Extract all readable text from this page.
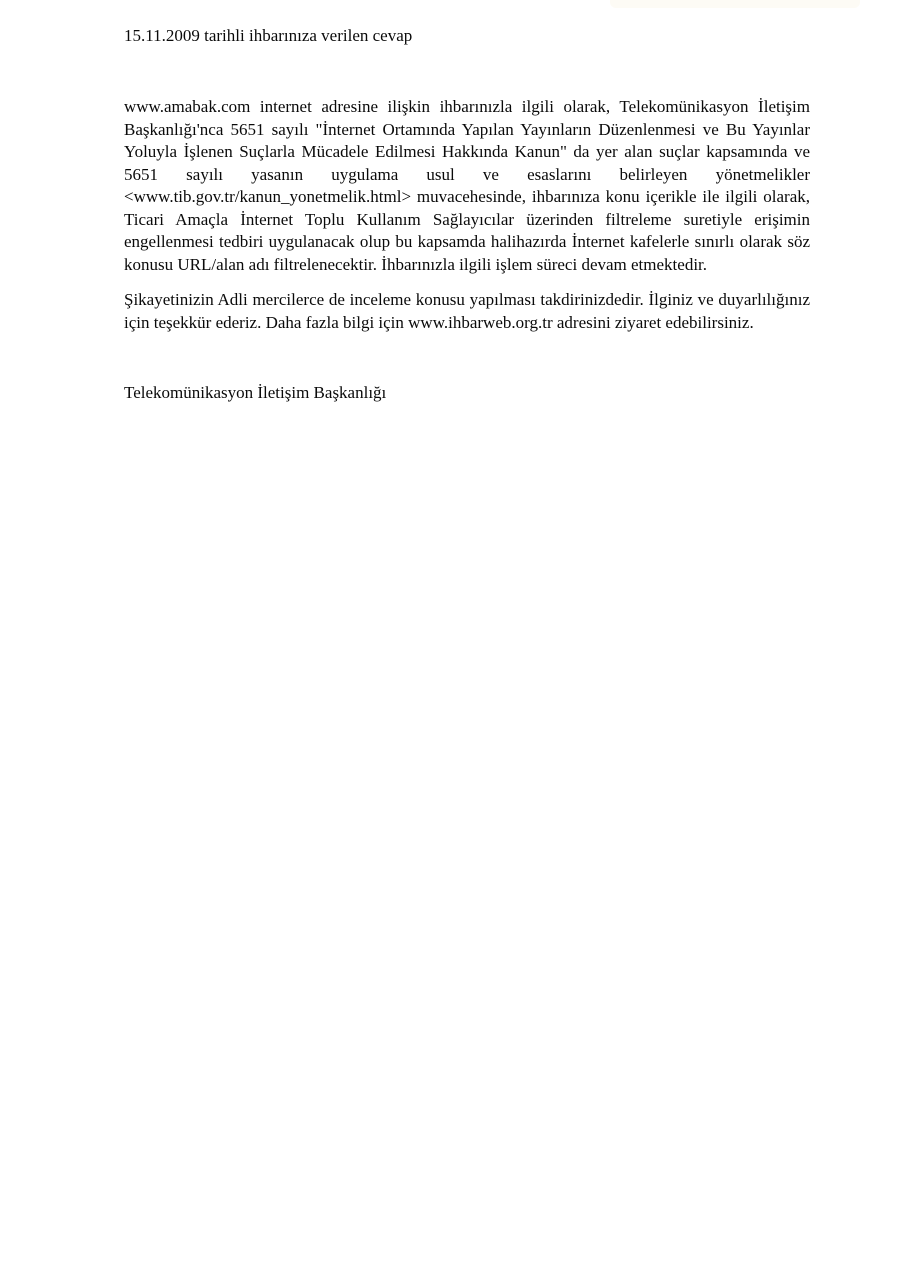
15.11.2009 tarihli ihbarınıza verilen cevap

www.amabak.com internet adresine ilişkin ihbarınızla ilgili olarak, Telekomünikasyon İletişim Başkanlığı'nca 5651 sayılı "İnternet Ortamında Yapılan Yayınların Düzenlenmesi ve Bu Yayınlar Yoluyla İşlenen Suçlarla Mücadele Edilmesi Hakkında Kanun" da yer alan suçlar kapsamında ve 5651 sayılı yasanın uygulama usul ve esaslarını belirleyen yönetmelikler <www.tib.gov.tr/kanun_yonetmelik.html> muvacehesinde, ihbarınıza konu içerikle ile ilgili olarak, Ticari Amaçla İnternet Toplu Kullanım Sağlayıcılar üzerinden filtreleme suretiyle erişimin engellenmesi tedbiri uygulanacak olup bu kapsamda halihazırda İnternet kafelerle sınırlı olarak söz konusu URL/alan adı filtrelenecektir. İhbarınızla ilgili işlem süreci devam etmektedir.

Şikayetinizin Adli mercilerce de inceleme konusu yapılması takdirinizdedir. İlginiz ve duyarlılığınız için teşekkür ederiz. Daha fazla bilgi için www.ihbarweb.org.tr adresini ziyaret edebilirsiniz.

Telekomünikasyon İletişim Başkanlığı
